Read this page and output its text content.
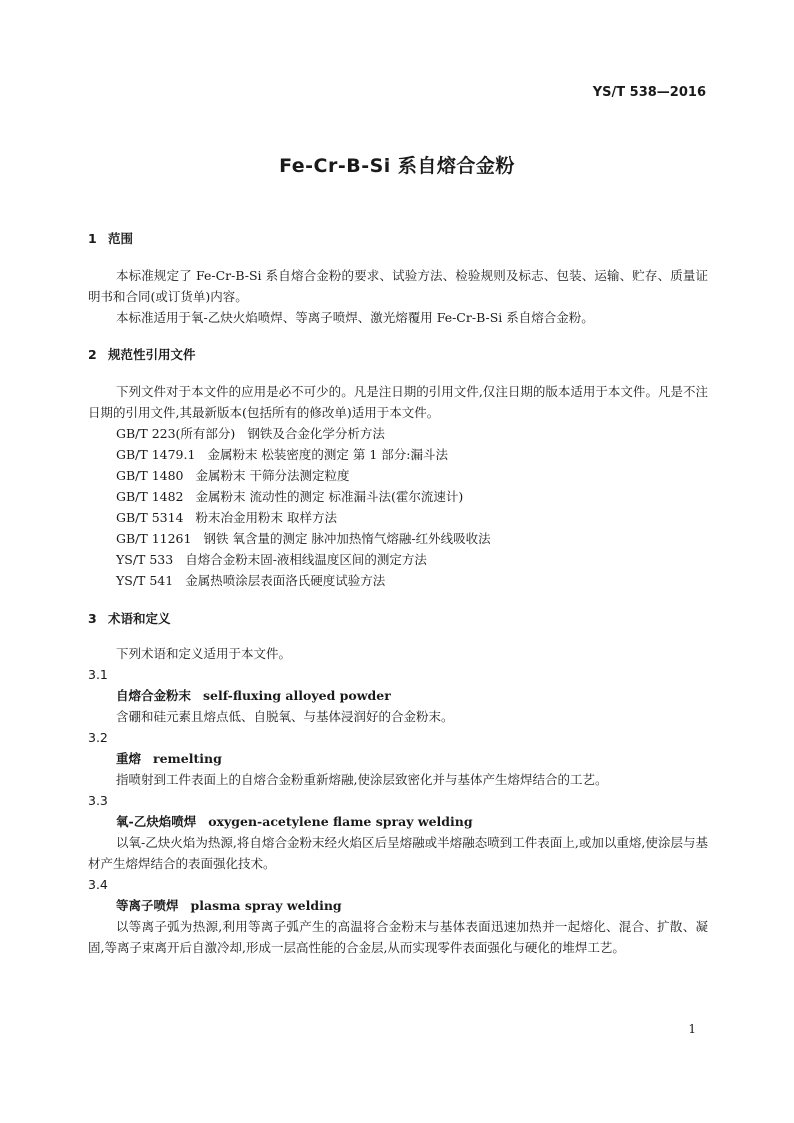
YS/T 538—2016
Fe-Cr-B-Si 系自熔合金粉
1 范围

本标准规定了 Fe-Cr-B-Si 系自熔合金粉的要求、试验方法、检验规则及标志、包装、运输、贮存、质量证明书和合同(或订货单)内容。

本标准适用于氧-乙炔火焰喷焊、等离子喷焊、激光熔覆用 Fe-Cr-B-Si 系自熔合金粉。

2 规范性引用文件

下列文件对于本文件的应用是必不可少的。凡是注日期的引用文件,仅注日期的版本适用于本文件。凡是不注日期的引用文件,其最新版本(包括所有的修改单)适用于本文件。

GB/T 223(所有部分) 钢铁及合金化学分析方法
GB/T 1479.1 金属粉末 松装密度的测定 第 1 部分:漏斗法
GB/T 1480 金属粉末 干筛分法测定粒度
GB/T 1482 金属粉末 流动性的测定 标准漏斗法(霍尔流速计)
GB/T 5314 粉末冶金用粉末 取样方法
GB/T 11261 钢铁 氧含量的测定 脉冲加热惰气熔融-红外线吸收法
YS/T 533 自熔合金粉末固-液相线温度区间的测定方法
YS/T 541 金属热喷涂层表面洛氏硬度试验方法
3 术语和定义

下列术语和定义适用于本文件。

3.1

自熔合金粉末 self-fluxing alloyed powder

含硼和硅元素且熔点低、自脱氧、与基体浸润好的合金粉末。

3.2

重熔 remelting

指喷射到工件表面上的自熔合金粉重新熔融,使涂层致密化并与基体产生熔焊结合的工艺。

3.3

氧-乙炔焰喷焊 oxygen-acetylene flame spray welding

以氧-乙炔火焰为热源,将自熔合金粉末经火焰区后呈熔融或半熔融态喷到工件表面上,或加以重熔,使涂层与基材产生熔焊结合的表面强化技术。

3.4

等离子喷焊 plasma spray welding

以等离子弧为热源,利用等离子弧产生的高温将合金粉末与基体表面迅速加热并一起熔化、混合、扩散、凝固,等离子束离开后自激冷却,形成一层高性能的合金层,从而实现零件表面强化与硬化的堆焊工艺。

1
